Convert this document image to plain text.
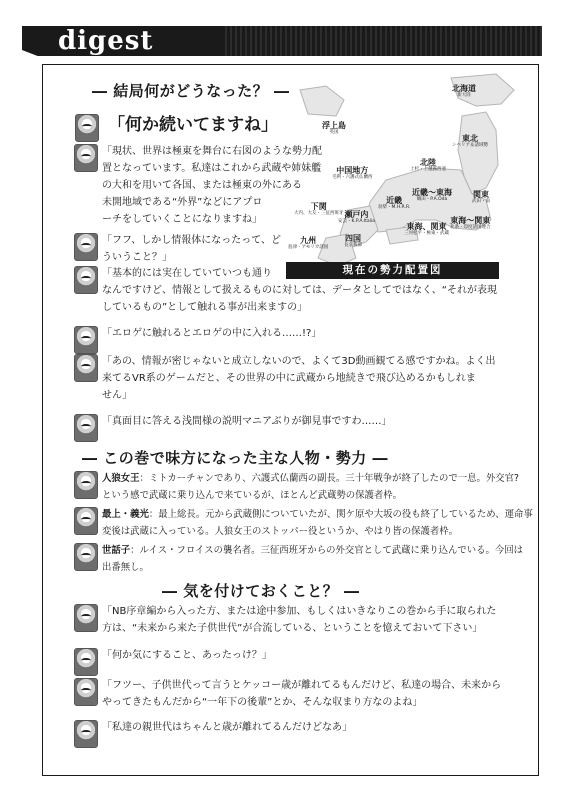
digest
― 結局何がどうなった？ ―
「何か続いてますね」
「現状、世界は極東を舞台に右図のような勢力配
置となっています。私達はこれから武蔵や姉妹艦
の大和を用いて各国、または極東の外にある
未開地域である“外界”などにアプロ
ーチをしていくことになりますね」
「フフ、しかし情報体になったって、ど
ういうこと？」
「基本的には実在していていつも通り
なんですけど、情報として扱えるものに対しては、データとしてではなく、“それが表現
しているもの”として触れる事が出来ますの」
「エロゲに触れるとエロゲの中に入れる……!?」
「あの、情報が密じゃないと成立しないので、よくて3D動画観てる感ですかね。よく出
来てるVR系のゲームだと、その世界の中に武蔵から地続きで飛び込めるかもしれま
せん」
「真面目に答える浅間様の説明マニアぶりが御見事ですわ……」
北海道
新大陸
東北
シベリア＆諸域勢
浮上島
英国
中国地方
毛利・六護式仏蘭西
北陸
上杉・上越露西亜
近畿～東海
織田・P.A.Oda
関東
武田・南
近畿
羽柴・M.H.R.R.
下関
大内、大友・三征西班牙 瀬戸内
安芸・K.P.A.Italia	東海～関東
北条・印度諸国連合
東海、関東
三河松平・極東・武蔵
四国
長宗我部
九州
島津・アモリカ諸国
現在の勢力配置図
― この巻で味方になった主な人物・勢力 ―
人狼女王：ミトカーチャンであり、六護式仏蘭西の副長。三十年戦争が終了したので一息。外交官?
という感で武蔵に乗り込んで来ているが、ほとんど武蔵勢の保護者枠。
最上・義光：最上総長。元から武蔵側についていたが、関ケ原や大坂の役も終了しているため、運命事
変後は武蔵に入っている。人狼女王のストッパー役というか、やはり皆の保護者枠。
世話子：ルイス・フロイスの襲名者。三征西班牙からの外交官として武蔵に乗り込んでいる。今回は
出番無し。
― 気を付けておくこと？ ―
「NB序章編から入った方、または途中参加、もしくはいきなりこの巻から手に取られた
方は、“未来から来た子供世代”が合流している、ということを憶えておいて下さい」
「何か気にすること、あったっけ？」
「フツー、子供世代って言うとケッコー歳が離れてるもんだけど、私達の場合、未来から
やってきたもんだから“一年下の後輩”とか、そんな収まり方なのよね」
「私達の親世代はちゃんと歳が離れてるんだけどなあ」
